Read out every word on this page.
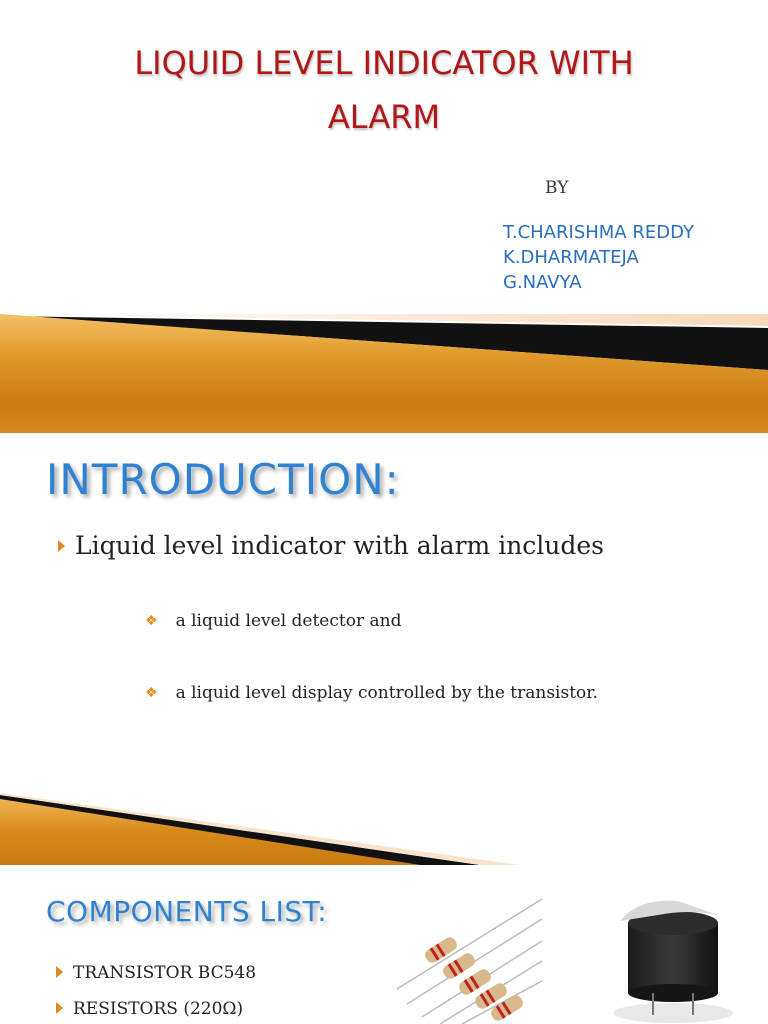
LIQUID LEVEL INDICATOR WITH
ALARM
BY
T.CHARISHMA REDDY
K.DHARMATEJA
G.NAVYA
INTRODUCTION:
Liquid level indicator with alarm includes
❖ a liquid level detector and
❖ a liquid level display controlled by the transistor.
COMPONENTS LIST:
TRANSISTOR BC548
RESISTORS (220Ω)
